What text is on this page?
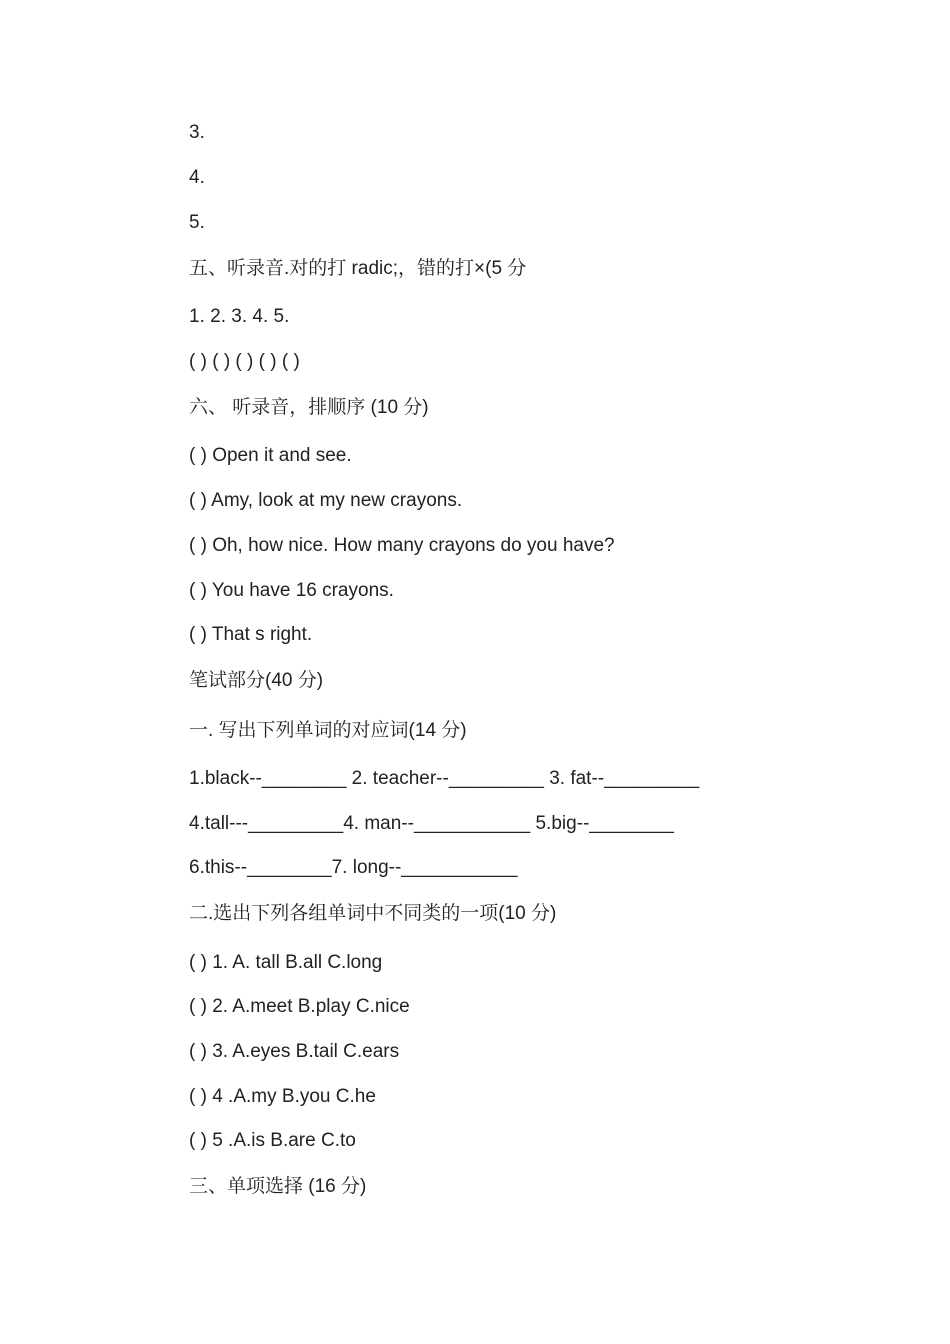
3.
4.
5.
五、听录音.对的打 radic;，错的打×(5 分
1. 2. 3. 4. 5.
( ) ( ) ( ) ( ) ( )
六、 听录音，排顺序 (10 分)
( ) Open it and see.
( ) Amy, look at my new crayons.
( ) Oh, how nice. How many crayons do you have?
( ) You have 16 crayons.
( ) That s right.
笔试部分(40 分)
一. 写出下列单词的对应词(14 分)
1.black--________ 2. teacher--_________ 3. fat--_________
4.tall---_________4. man--___________ 5.big--________
6.this--________7. long--___________
二.选出下列各组单词中不同类的一项(10 分)
( ) 1. A. tall B.all C.long
( ) 2. A.meet B.play C.nice
( ) 3. A.eyes B.tail C.ears
( ) 4 .A.my B.you C.he
( ) 5 .A.is B.are C.to
三、单项选择 (16 分)
